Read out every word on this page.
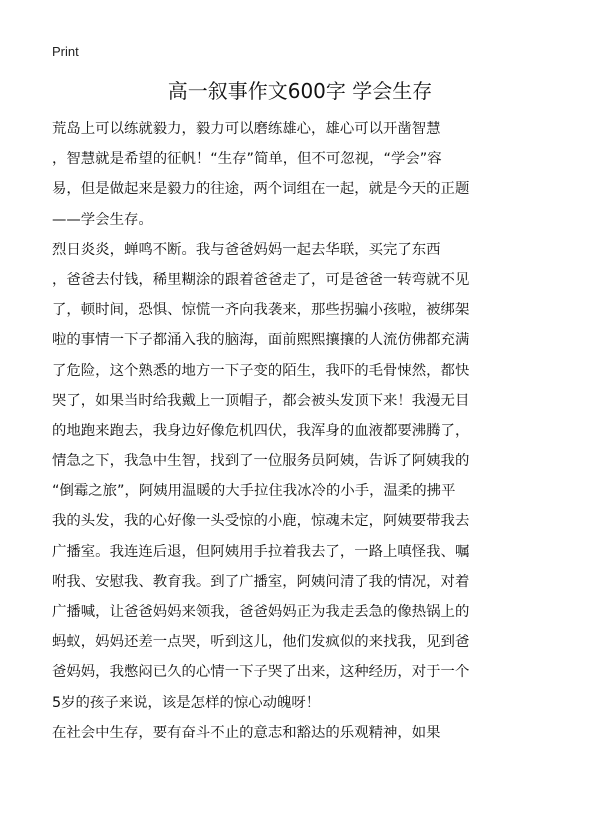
Print
高一叙事作文600字 学会生存
荒岛上可以练就毅力，毅力可以磨练雄心，雄心可以开凿智慧
，智慧就是希望的征帆！“生存”简单，但不可忽视，“学会”容
易，但是做起来是毅力的往途，两个词组在一起，就是今天的正题
——学会生存。
烈日炎炎，蝉鸣不断。我与爸爸妈妈一起去华联，买完了东西
，爸爸去付钱，稀里糊涂的跟着爸爸走了，可是爸爸一转弯就不见
了，顿时间，恐惧、惊慌一齐向我袭来，那些拐骗小孩啦，被绑架
啦的事情一下子都涌入我的脑海，面前熙熙攘攘的人流仿佛都充满
了危险，这个熟悉的地方一下子变的陌生，我吓的毛骨悚然，都快
哭了，如果当时给我戴上一顶帽子，都会被头发顶下来！我漫无目
的地跑来跑去，我身边好像危机四伏，我浑身的血液都要沸腾了，
情急之下，我急中生智，找到了一位服务员阿姨，告诉了阿姨我的
“倒霉之旅”，阿姨用温暖的大手拉住我冰冷的小手，温柔的拂平
我的头发，我的心好像一头受惊的小鹿，惊魂未定，阿姨要带我去
广播室。我连连后退，但阿姨用手拉着我去了，一路上嗔怪我、嘱
咐我、安慰我、教育我。到了广播室，阿姨问清了我的情况，对着
广播喊，让爸爸妈妈来领我，爸爸妈妈正为我走丢急的像热锅上的
蚂蚁，妈妈还差一点哭，听到这儿，他们发疯似的来找我，见到爸
爸妈妈，我憋闷已久的心情一下子哭了出来，这种经历，对于一个
5岁的孩子来说，该是怎样的惊心动魄呀！
在社会中生存，要有奋斗不止的意志和豁达的乐观精神，如果
